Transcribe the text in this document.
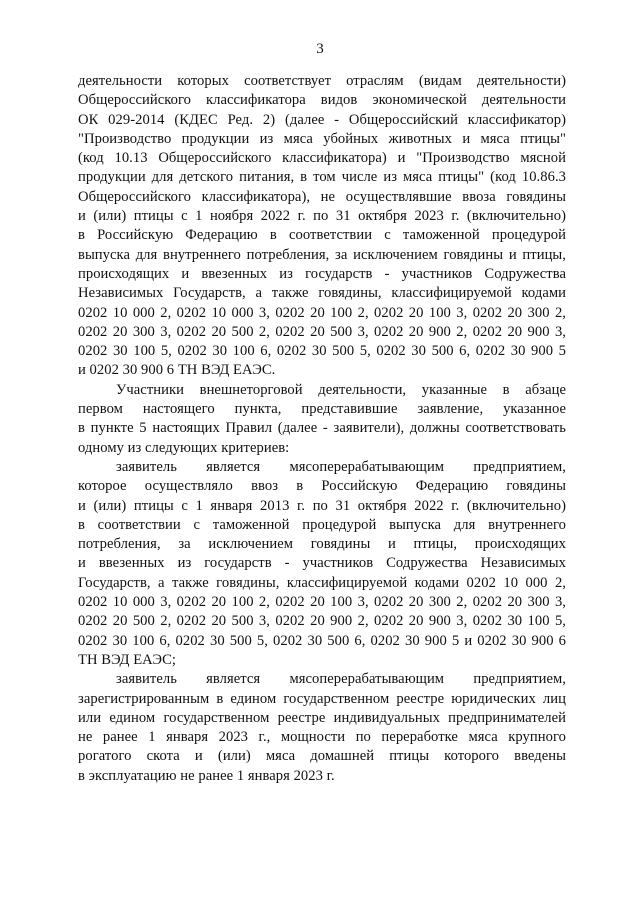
3
деятельности которых соответствует отраслям (видам деятельности)
Общероссийского классификатора видов экономической деятельности
ОК 029-2014 (КДЕС Ред. 2) (далее - Общероссийский классификатор)
"Производство продукции из мяса убойных животных и мяса птицы"
(код 10.13 Общероссийского классификатора) и "Производство мясной
продукции для детского питания, в том числе из мяса птицы" (код 10.86.3
Общероссийского классификатора), не осуществлявшие ввоза говядины
и (или) птицы с 1 ноября 2022 г. по 31 октября 2023 г. (включительно)
в Российскую Федерацию в соответствии с таможенной процедурой
выпуска для внутреннего потребления, за исключением говядины и птицы,
происходящих и ввезенных из государств - участников Содружества
Независимых Государств, а также говядины, классифицируемой кодами
0202 10 000 2, 0202 10 000 3, 0202 20 100 2, 0202 20 100 3, 0202 20 300 2,
0202 20 300 3, 0202 20 500 2, 0202 20 500 3, 0202 20 900 2, 0202 20 900 3,
0202 30 100 5, 0202 30 100 6, 0202 30 500 5, 0202 30 500 6, 0202 30 900 5
и 0202 30 900 6 ТН ВЭД ЕАЭС.
Участники внешнеторговой деятельности, указанные в абзаце
первом настоящего пункта, представившие заявление, указанное
в пункте 5 настоящих Правил (далее - заявители), должны соответствовать
одному из следующих критериев:
заявитель является мясоперерабатывающим предприятием,
которое осуществляло ввоз в Российскую Федерацию говядины
и (или) птицы с 1 января 2013 г. по 31 октября 2022 г. (включительно)
в соответствии с таможенной процедурой выпуска для внутреннего
потребления, за исключением говядины и птицы, происходящих
и ввезенных из государств - участников Содружества Независимых
Государств, а также говядины, классифицируемой кодами 0202 10 000 2,
0202 10 000 3, 0202 20 100 2, 0202 20 100 3, 0202 20 300 2, 0202 20 300 3,
0202 20 500 2, 0202 20 500 3, 0202 20 900 2, 0202 20 900 3, 0202 30 100 5,
0202 30 100 6, 0202 30 500 5, 0202 30 500 6, 0202 30 900 5 и 0202 30 900 6
ТН ВЭД ЕАЭС;
заявитель является мясоперерабатывающим предприятием,
зарегистрированным в едином государственном реестре юридических лиц
или едином государственном реестре индивидуальных предпринимателей
не ранее 1 января 2023 г., мощности по переработке мяса крупного
рогатого скота и (или) мяса домашней птицы которого введены
в эксплуатацию не ранее 1 января 2023 г.
